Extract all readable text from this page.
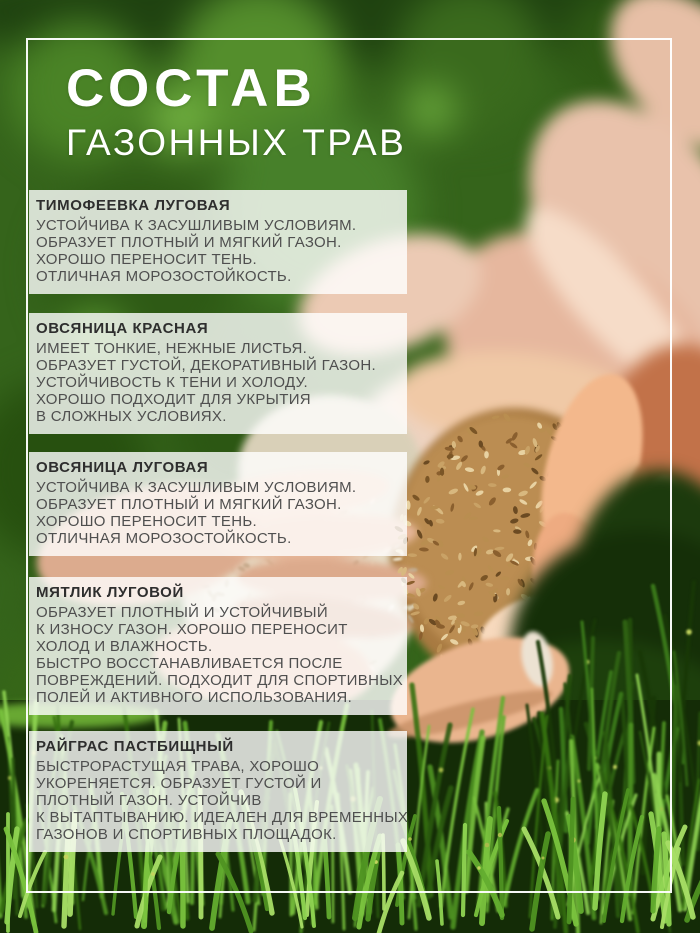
СОСТАВ
ГАЗОННЫХ ТРАВ
ТИМОФЕЕВКА ЛУГОВАЯ

УСТОЙЧИВА К ЗАСУШЛИВЫМ УСЛОВИЯМ.

ОБРАЗУЕТ ПЛОТНЫЙ И МЯГКИЙ ГАЗОН.

ХОРОШО ПЕРЕНОСИТ ТЕНЬ.

ОТЛИЧНАЯ МОРОЗОСТОЙКОСТЬ.

ОВСЯНИЦА КРАСНАЯ

ИМЕЕТ ТОНКИЕ, НЕЖНЫЕ ЛИСТЬЯ.

ОБРАЗУЕТ ГУСТОЙ, ДЕКОРАТИВНЫЙ ГАЗОН.

УСТОЙЧИВОСТЬ К ТЕНИ И ХОЛОДУ.

ХОРОШО ПОДХОДИТ ДЛЯ УКРЫТИЯ

В СЛОЖНЫХ УСЛОВИЯХ.

ОВСЯНИЦА ЛУГОВАЯ

УСТОЙЧИВА К ЗАСУШЛИВЫМ УСЛОВИЯМ.

ОБРАЗУЕТ ПЛОТНЫЙ И МЯГКИЙ ГАЗОН.

ХОРОШО ПЕРЕНОСИТ ТЕНЬ.

ОТЛИЧНАЯ МОРОЗОСТОЙКОСТЬ.

МЯТЛИК ЛУГОВОЙ

ОБРАЗУЕТ ПЛОТНЫЙ И УСТОЙЧИВЫЙ

К ИЗНОСУ ГАЗОН. ХОРОШО ПЕРЕНОСИТ

ХОЛОД И ВЛАЖНОСТЬ.

БЫСТРО ВОССТАНАВЛИВАЕТСЯ ПОСЛЕ

ПОВРЕЖДЕНИЙ. ПОДХОДИТ ДЛЯ СПОРТИВНЫХ

ПОЛЕЙ И АКТИВНОГО ИСПОЛЬЗОВАНИЯ.

РАЙГРАС ПАСТБИЩНЫЙ

БЫСТРОРАСТУЩАЯ ТРАВА, ХОРОШО

УКОРЕНЯЕТСЯ. ОБРАЗУЕТ ГУСТОЙ И

ПЛОТНЫЙ ГАЗОН. УСТОЙЧИВ

К ВЫТАПТЫВАНИЮ. ИДЕАЛЕН ДЛЯ ВРЕМЕННЫХ

ГАЗОНОВ И СПОРТИВНЫХ ПЛОЩАДОК.
